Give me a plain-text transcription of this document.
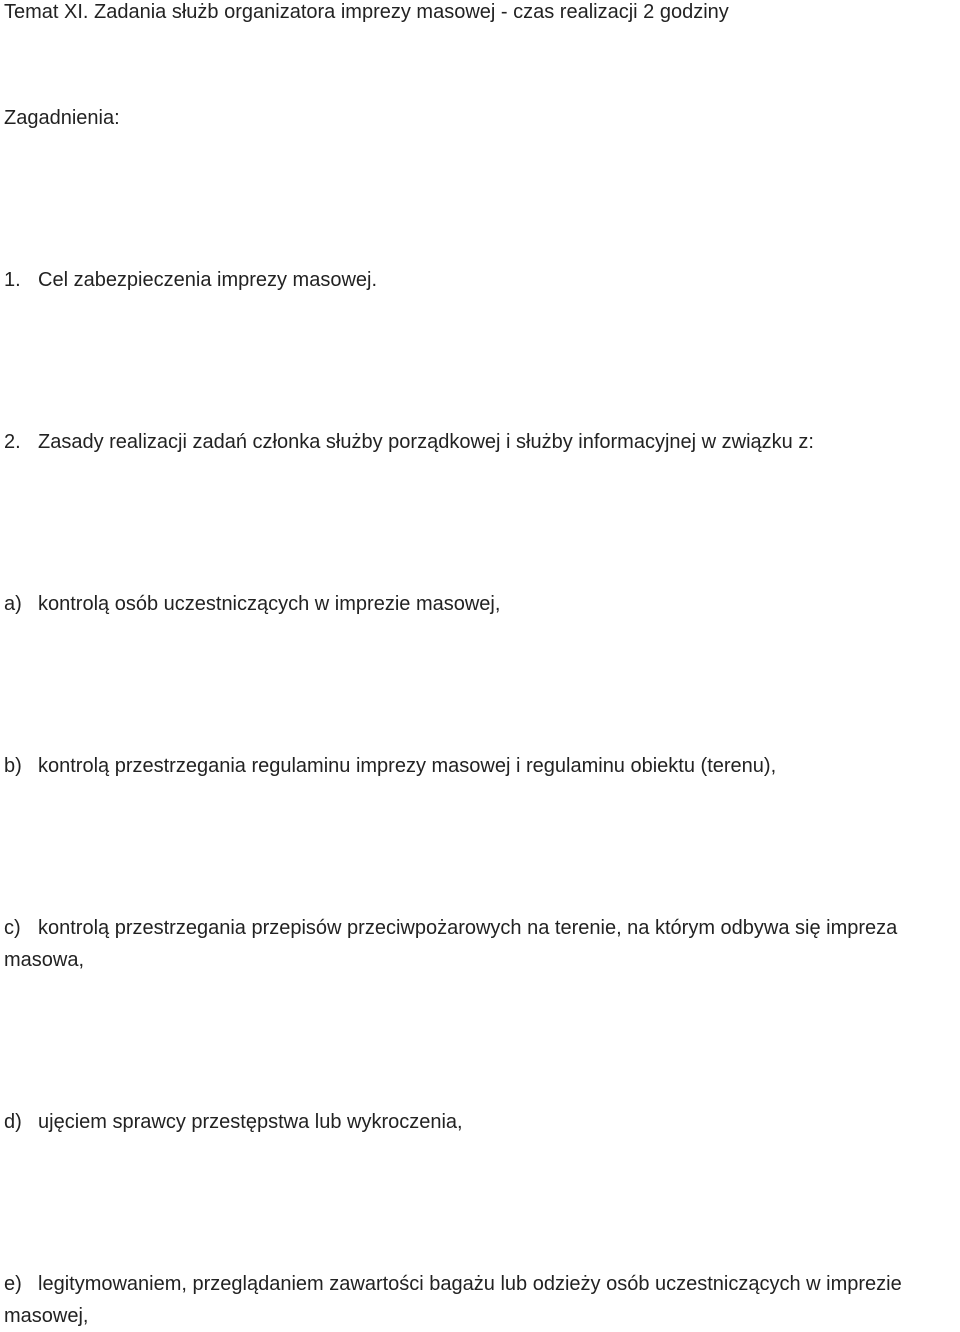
Temat XI. Zadania służb organizatora imprezy masowej - czas realizacji 2 godziny

Zagadnienia:

1. Cel zabezpieczenia imprezy masowej.

2. Zasady realizacji zadań członka służby porządkowej i służby informacyjnej w związku z:

a) kontrolą osób uczestniczących w imprezie masowej,

b) kontrolą przestrzegania regulaminu imprezy masowej i regulaminu obiektu (terenu),

c) kontrolą przestrzegania przepisów przeciwpożarowych na terenie, na którym odbywa się impreza masowa,

d) ujęciem sprawcy przestępstwa lub wykroczenia,

e) legitymowaniem, przeglądaniem zawartości bagażu lub odzieży osób uczestniczących w imprezie masowej,
